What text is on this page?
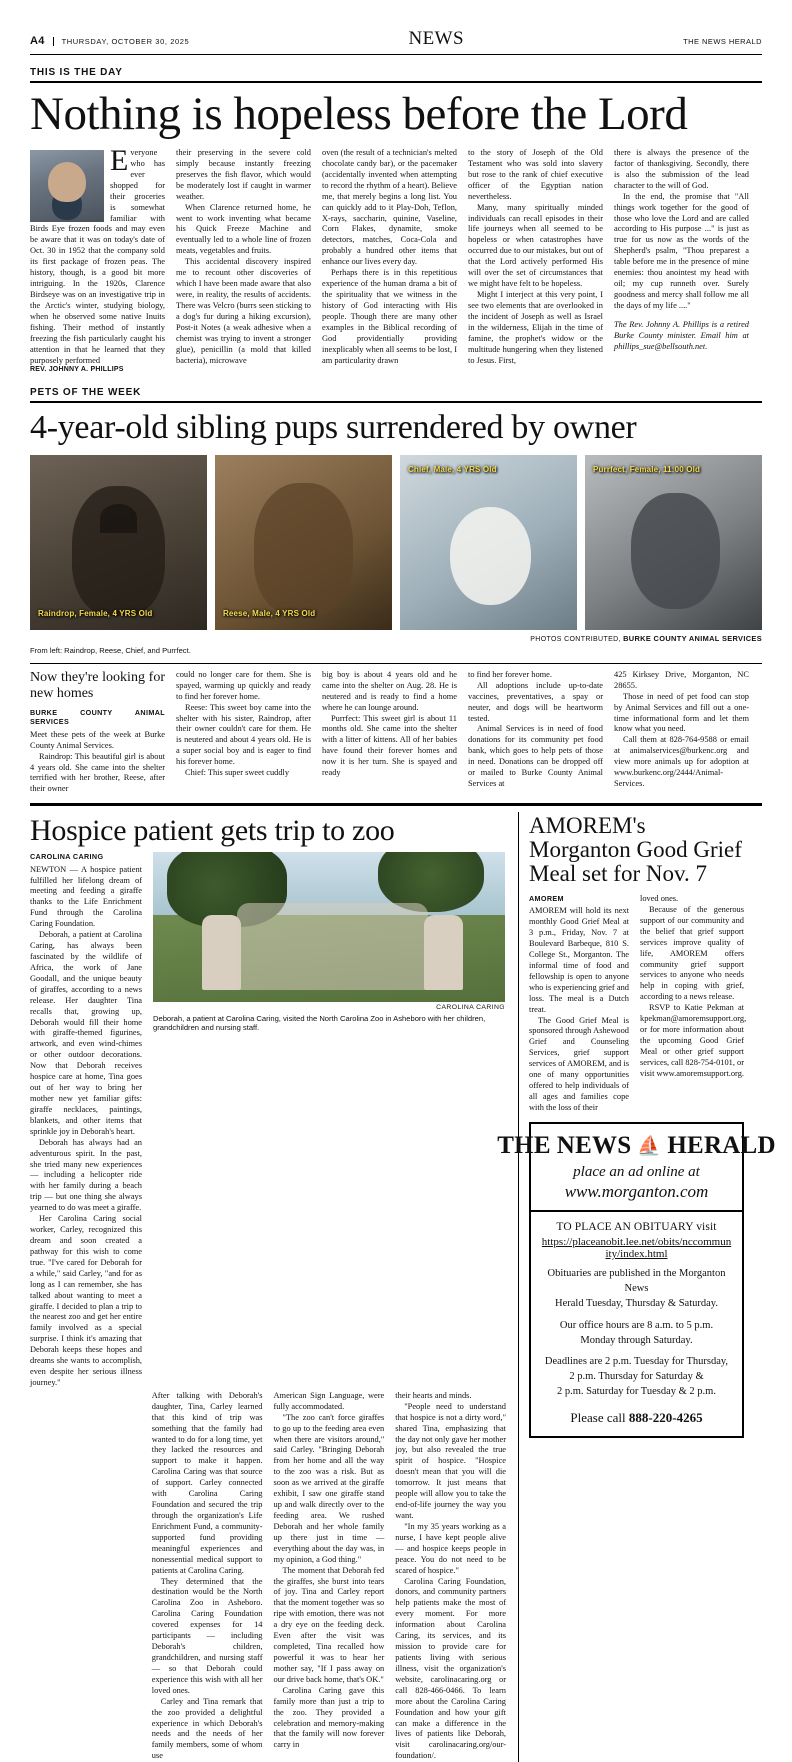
A4	THURSDAY, OCTOBER 30, 2025	NEWS	THE NEWS HERALD
THIS IS THE DAY
Nothing is hopeless before the Lord

Everyone who has ever shopped for their groceries is somewhat familiar with Birds Eye frozen foods and may even be aware that it was on today's date of Oct. 30 in 1952 that the company sold its first package of frozen peas. The history, though, is a good bit more intriguing. In the 1920s, Clarence Birdseye was on an investigative trip in the Arctic's winter, studying biology, when he observed some native Inuits fishing. Their method of instantly freezing the fish particularly caught his attention in that he learned that they purposely performed

REV. JOHNNY A. PHILLIPS

their preserving in the severe cold simply because instantly freezing preserves the fish flavor, which would be moderately lost if caught in warmer weather.
When Clarence returned home, he went to work inventing what became his Quick Freeze Machine and eventually led to a whole line of frozen meats, vegetables and fruits.
This accidental discovery inspired me to recount other discoveries of which I have been made aware that also were, in reality, the results of accidents. There was Velcro (burrs seen sticking to a dog's fur during a hiking excursion), Post-it Notes (a weak adhesive when a chemist was trying to invent a stronger glue), penicillin (a mold that killed bacteria), microwave

oven (the result of a technician's melted chocolate candy bar), or the pacemaker (accidentally invented when attempting to record the rhythm of a heart). Believe me, that merely begins a long list. You can quickly add to it Play-Doh, Teflon, X-rays, saccharin, quinine, Vaseline, Corn Flakes, dynamite, smoke detectors, matches, Coca-Cola and probably a hundred other items that enhance our lives every day.
Perhaps there is in this repetitious experience of the human drama a bit of the spirituality that we witness in the history of God interacting with His people. Though there are many other examples in the Biblical recording of God providentially providing inexplicably when all seems to be lost, I am particularity drawn

to the story of Joseph of the Old Testament who was sold into slavery but rose to the rank of chief executive officer of the Egyptian nation nevertheless.
Many, many spiritually minded individuals can recall episodes in their life journeys when all seemed to be hopeless or when catastrophes have occurred due to our mistakes, but out of that the Lord actively performed His will over the set of circumstances that we might have felt to be hopeless.
Might I interject at this very point, I see two elements that are overlooked in the incident of Joseph as well as Israel in the wilderness, Elijah in the time of famine, the prophet's widow or the multitude hungering when they listened to Jesus. First,

there is always the presence of the factor of thanksgiving. Secondly, there is also the submission of the lead character to the will of God.
In the end, the promise that "All things work together for the good of those who love the Lord and are called according to His purpose ..." is just as true for us now as the words of the Shepherd's psalm, "Thou preparest a table before me in the presence of mine enemies: thou anointest my head with oil; my cup runneth over. Surely goodness and mercy shall follow me all the days of my life ...."

The Rev. Johnny A. Phillips is a retired Burke County minister. Email him at phillips_sue@bellsouth.net.

PETS OF THE WEEK
4-year-old sibling pups surrendered by owner
Raindrop, Female, 4 YRS Old	Reese, Male, 4 YRS Old
Chief, Male, 4 YRS Old	Purrfect, Female, 11:00 Old
PHOTOS CONTRIBUTED, BURKE COUNTY ANIMAL SERVICES
From left: Raindrop, Reese, Chief, and Purrfect.
Now they're looking for new homes
BURKE COUNTY ANIMAL SERVICES

Meet these pets of the week at Burke County Animal Services.
Raindrop: This beautiful girl is about 4 years old. She came into the shelter terrified with her brother, Reese, after their owner

could no longer care for them. She is spayed, warming up quickly and ready to find her forever home.
Reese: This sweet boy came into the shelter with his sister, Raindrop, after their owner couldn't care for them. He is neutered and about 4 years old. He is a super social boy and is eager to find his forever home.
Chief: This super sweet cuddly

big boy is about 4 years old and he came into the shelter on Aug. 28. He is neutered and is ready to find a home where he can lounge around.
Purrfect: This sweet girl is about 11 months old. She came into the shelter with a litter of kittens. All of her babies have found their forever homes and now it is her turn. She is spayed and ready

to find her forever home.
All adoptions include up-to-date vaccines, preventatives, a spay or neuter, and dogs will be heartworm tested.
Animal Services is in need of food donations for its community pet food bank, which goes to help pets of those in need. Donations can be dropped off or mailed to Burke County Animal Services at

425 Kirksey Drive, Morganton, NC 28655.
Those in need of pet food can stop by Animal Services and fill out a one-time informational form and let them know what you need.
Call them at 828-764-9588 or email at animalservices@burkenc.org and view more animals up for adoption at www.burkenc.org/2444/Animal-Services.

Hospice patient gets trip to zoo
CAROLINA CARING

NEWTON — A hospice patient fulfilled her lifelong dream of meeting and feeding a giraffe thanks to the Life Enrichment Fund through the Carolina Caring Foundation.
Deborah, a patient at Carolina Caring, has always been fascinated by the wildlife of Africa, the work of Jane Goodall, and the unique beauty of giraffes, according to a news release. Her daughter Tina recalls that, growing up, Deborah would fill their home with giraffe-themed figurines, artwork, and even wind-chimes or other outdoor decorations. Now that Deborah receives hospice care at home, Tina goes out of her way to bring her mother new yet familiar gifts: giraffe necklaces, paintings, blankets, and other items that sprinkle joy in Deborah's heart.
Deborah has always had an adventurous spirit. In the past, she tried many new experiences — including a helicopter ride with her family during a beach trip — but one thing she always yearned to do was meet a giraffe.
Her Carolina Caring social worker, Carley, recognized this dream and soon created a pathway for this wish to come true. "I've cared for Deborah for a while," said Carley, "and for as long as I can remember, she has talked about wanting to meet a giraffe. I decided to plan a trip to the nearest zoo and get her entire family involved as a special surprise. I think it's amazing that Deborah keeps these hopes and dreams she wants to accomplish, even despite her serious illness journey."

CAROLINA CARING
Deborah, a patient at Carolina Caring, visited the North Carolina Zoo in Asheboro with her children, grandchildren and nursing staff.

After talking with Deborah's daughter, Tina, Carley learned that this kind of trip was something that the family had wanted to do for a long time, yet they lacked the resources and support to make it happen. Carolina Caring was that source of support. Carley connected with Carolina Caring Foundation and secured the trip through the organization's Life Enrichment Fund, a community-supported fund providing meaningful experiences and nonessential medical support to patients at Carolina Caring.
They determined that the destination would be the North Carolina Zoo in Asheboro. Carolina Caring Foundation covered expenses for 14 participants — including Deborah's children, grandchildren, and nursing staff — so that Deborah could experience this wish with all her loved ones.
Carley and Tina remark that the zoo provided a delightful experience in which Deborah's needs and the needs of her family members, some of whom use

American Sign Language, were fully accommodated.
"The zoo can't force giraffes to go up to the feeding area even when there are visitors around," said Carley. "Bringing Deborah from her home and all the way to the zoo was a risk. But as soon as we arrived at the giraffe exhibit, I saw one giraffe stand up and walk directly over to the feeding area. We rushed Deborah and her whole family up there just in time — everything about the day was, in my opinion, a God thing."
The moment that Deborah fed the giraffes, she burst into tears of joy. Tina and Carley report that the moment together was so ripe with emotion, there was not a dry eye on the feeding deck. Even after the visit was completed, Tina recalled how powerful it was to hear her mother say, "If I pass away on our drive back home, that's OK."
Carolina Caring gave this family more than just a trip to the zoo. They provided a celebration and memory-making that the family will now forever carry in

their hearts and minds.
"People need to understand that hospice is not a dirty word," shared Tina, emphasizing that the day not only gave her mother joy, but also revealed the true spirit of hospice. "Hospice doesn't mean that you will die tomorrow. It just means that people will allow you to take the end-of-life journey the way you want.
"In my 35 years working as a nurse, I have kept people alive — and hospice keeps people in peace. You do not need to be scared of hospice."
Carolina Caring Foundation, donors, and community partners help patients make the most of every moment. For more information about Carolina Caring, its services, and its mission to provide care for patients living with serious illness, visit the organization's website, carolinacaring.org or call 828-466-0466. To learn more about the Carolina Caring Foundation and how your gift can make a difference in the lives of patients like Deborah, visit carolinacaring.org/our-foundation/.

AMOREM's Morganton Good Grief Meal set for Nov. 7
AMOREM

AMOREM will hold its next monthly Good Grief Meal at 3 p.m., Friday, Nov. 7 at Boulevard Barbeque, 810 S. College St., Morganton. The informal time of food and fellowship is open to anyone who is experiencing grief and loss. The meal is a Dutch treat.
The Good Grief Meal is sponsored through Ashewood Grief and Counseling Services, grief support services of AMOREM, and is one of many opportunities offered to help individuals of all ages and families cope with the loss of their

loved ones.
Because of the generous support of our community and the belief that grief support services improve quality of life, AMOREM offers community grief support services to anyone who needs help in coping with grief, according to a news release.
RSVP to Katie Pekman at kpekman@amoremsupport.org, or for more information about the upcoming Good Grief Meal or other grief support services, call 828-754-0101, or visit www.amoremsupport.org.

THE NEWS ⛵ HERALD
place an ad online at
www.morganton.com
TO PLACE AN OBITUARY visit
https://placeanobit.lee.net/obits/nccommunity/index.html
Obituaries are published in the Morganton News
Herald Tuesday, Thursday & Saturday.
Our office hours are 8 a.m. to 5 p.m.
Monday through Saturday.
Deadlines are 2 p.m. Tuesday for Thursday,
2 p.m. Thursday for Saturday &
2 p.m. Saturday for Tuesday & 2 p.m.
Please call 888-220-4265
